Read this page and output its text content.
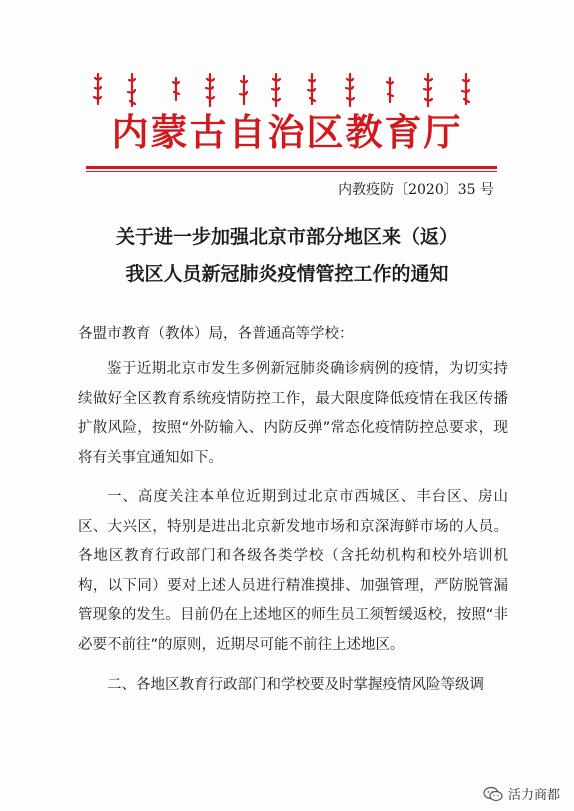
内蒙古自治区教育厅
内教疫防〔2020〕35 号
关于进一步加强北京市部分地区来（返）
我区人员新冠肺炎疫情管控工作的通知
各盟市教育（教体）局，各普通高等学校：

鉴于近期北京市发生多例新冠肺炎确诊病例的疫情，为切实持续做好全区教育系统疫情防控工作，最大限度降低疫情在我区传播扩散风险，按照“外防输入、内防反弹”常态化疫情防控总要求，现将有关事宜通知如下。

一、高度关注本单位近期到过北京市西城区、丰台区、房山区、大兴区，特别是进出北京新发地市场和京深海鲜市场的人员。各地区教育行政部门和各级各类学校（含托幼机构和校外培训机构，以下同）要对上述人员进行精准摸排、加强管理，严防脱管漏管现象的发生。目前仍在上述地区的师生员工须暂缓返校，按照“非必要不前往”的原则，近期尽可能不前往上述地区。

二、各地区教育行政部门和学校要及时掌握疫情风险等级调

活力商都
